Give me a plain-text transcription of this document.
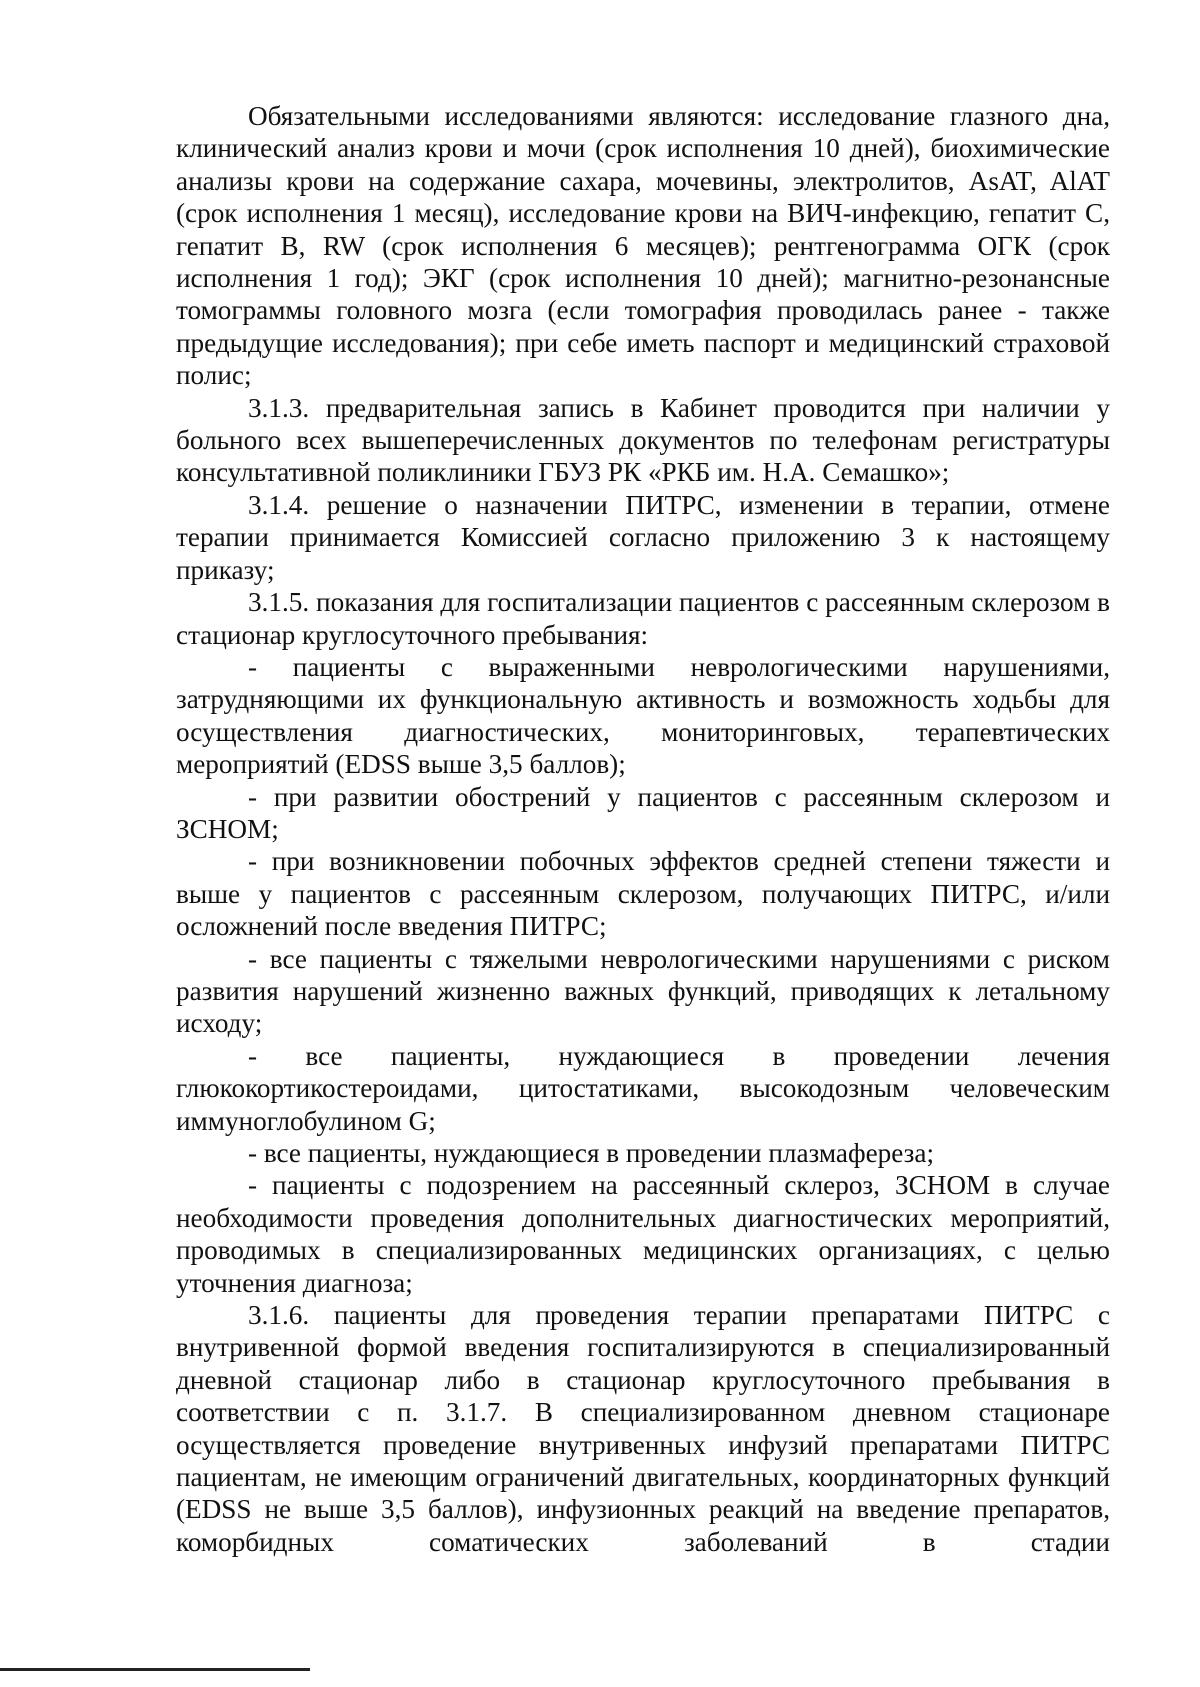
Обязательными исследованиями являются: исследование глазного дна, клинический анализ крови и мочи (срок исполнения 10 дней), биохимические анализы крови на содержание сахара, мочевины, электролитов, AsAT, AlAT (срок исполнения 1 месяц), исследование крови на ВИЧ-инфекцию, гепатит С, гепатит В, RW (срок исполнения 6 месяцев); рентгенограмма ОГК (срок исполнения 1 год); ЭКГ (срок исполнения 10 дней); магнитно-резонансные томограммы головного мозга (если томография проводилась ранее - также предыдущие исследования); при себе иметь паспорт и медицинский страховой полис;

3.1.3. предварительная запись в Кабинет проводится при наличии у больного всех вышеперечисленных документов по телефонам регистратуры консультативной поликлиники ГБУЗ РК «РКБ им. Н.А. Семашко»;

3.1.4. решение о назначении ПИТРС, изменении в терапии, отмене терапии принимается Комиссией согласно приложению 3 к настоящему приказу;

3.1.5. показания для госпитализации пациентов с рассеянным склерозом в стационар круглосуточного пребывания:

- пациенты с выраженными неврологическими нарушениями, затрудняющими их функциональную активность и возможность ходьбы для осуществления диагностических, мониторинговых, терапевтических мероприятий (EDSS выше 3,5 баллов);

- при развитии обострений у пациентов с рассеянным склерозом и ЗСНОМ;

- при возникновении побочных эффектов средней степени тяжести и выше у пациентов с рассеянным склерозом, получающих ПИТРС, и/или осложнений после введения ПИТРС;

- все пациенты с тяжелыми неврологическими нарушениями с риском развития нарушений жизненно важных функций, приводящих к летальному исходу;

- все пациенты, нуждающиеся в проведении лечения глюкокортикостероидами, цитостатиками, высокодозным человеческим иммуноглобулином G;

- все пациенты, нуждающиеся в проведении плазмафереза;

- пациенты с подозрением на рассеянный склероз, ЗСНОМ в случае необходимости проведения дополнительных диагностических мероприятий, проводимых в специализированных медицинских организациях, с целью уточнения диагноза;

3.1.6. пациенты для проведения терапии препаратами ПИТРС с внутривенной формой введения госпитализируются в специализированный дневной стационар либо в стационар круглосуточного пребывания в соответствии с п. 3.1.7. В специализированном дневном стационаре осуществляется проведение внутривенных инфузий препаратами ПИТРС пациентам, не имеющим ограничений двигательных, координаторных функций (EDSS не выше 3,5 баллов), инфузионных реакций на введение препаратов, коморбидных соматических заболеваний в стадии
